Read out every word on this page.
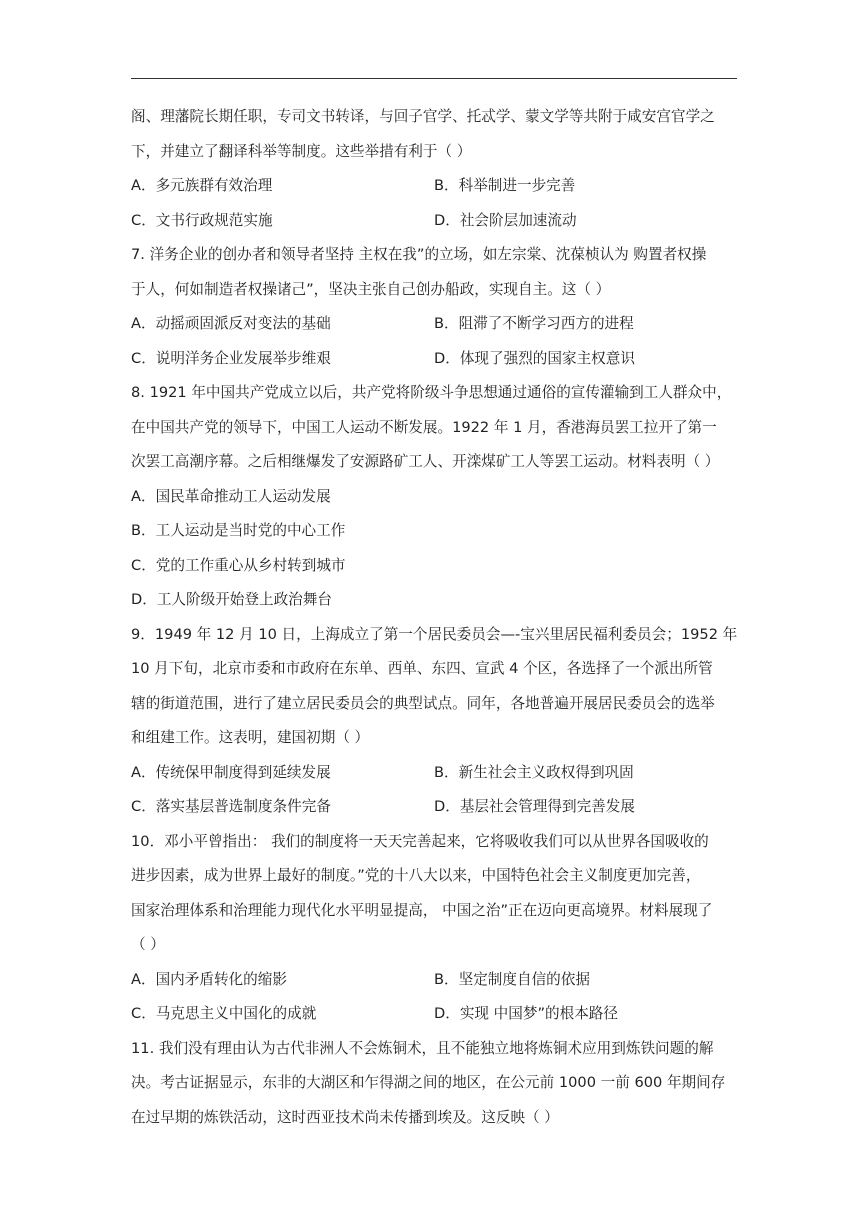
阁、理藩院长期任职，专司文书转译，与回子官学、托忒学、蒙文学等共附于咸安宫官学之
下，并建立了翻译科举等制度。这些举措有利于（ ）
A．多元族群有效治理	B．科举制进一步完善
C．文书行政规范实施	D．社会阶层加速流动
7. 洋务企业的创办者和领导者坚持 主权在我”的立场，如左宗棠、沈葆桢认为 购置者权操
于人，何如制造者权操诸己”，坚决主张自己创办船政，实现自主。这（ ）
A．动摇顽固派反对变法的基础	B．阻滞了不断学习西方的进程
C．说明洋务企业发展举步维艰	D．体现了强烈的国家主权意识
8. 1921 年中国共产党成立以后，共产党将阶级斗争思想通过通俗的宣传灌输到工人群众中，
在中国共产党的领导下，中国工人运动不断发展。1922 年 1 月，香港海员罢工拉开了第一
次罢工高潮序幕。之后相继爆发了安源路矿工人、开滦煤矿工人等罢工运动。材料表明（ ）
A．国民革命推动工人运动发展
B．工人运动是当时党的中心工作
C．党的工作重心从乡村转到城市
D．工人阶级开始登上政治舞台
9．1949 年 12 月 10 日，上海成立了第一个居民委员会—-宝兴里居民福利委员会；1952 年
10 月下旬，北京市委和市政府在东单、西单、东四、宣武 4 个区，各选择了一个派出所管
辖的街道范围，进行了建立居民委员会的典型试点。同年，各地普遍开展居民委员会的选举
和组建工作。这表明，建国初期（ ）
A．传统保甲制度得到延续发展	B．新生社会主义政权得到巩固
C．落实基层普选制度条件完备	D．基层社会管理得到完善发展
10．邓小平曾指出： 我们的制度将一天天完善起来，它将吸收我们可以从世界各国吸收的
进步因素，成为世界上最好的制度。”党的十八大以来，中国特色社会主义制度更加完善，
国家治理体系和治理能力现代化水平明显提高， 中国之治”正在迈向更高境界。材料展现了
（ ）
A．国内矛盾转化的缩影	B．坚定制度自信的依据
C．马克思主义中国化的成就	D．实现 中国梦”的根本路径
11. 我们没有理由认为古代非洲人不会炼铜术，且不能独立地将炼铜术应用到炼铁问题的解
决。考古证据显示，东非的大湖区和乍得湖之间的地区，在公元前 1000 一前 600 年期间存
在过早期的炼铁活动，这时西亚技术尚未传播到埃及。这反映（ ）
